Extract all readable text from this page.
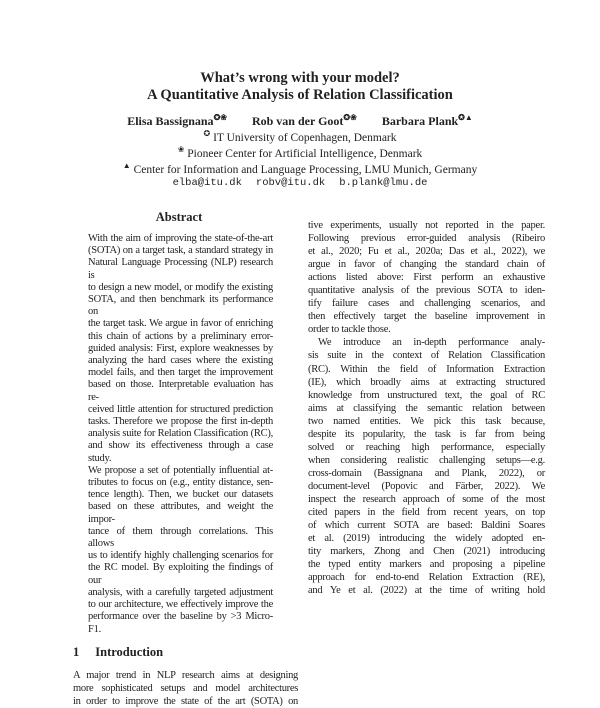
What’s wrong with your model?
A Quantitative Analysis of Relation Classification
Elisa Bassignana✪❀ Rob van der Goot✪❀ Barbara Plank✪▲
✪ IT University of Copenhagen, Denmark
❀ Pioneer Center for Artificial Intelligence, Denmark
▲ Center for Information and Language Processing, LMU Munich, Germany
elba@itu.dk robv@itu.dk b.plank@lmu.de
Abstract
With the aim of improving the state-of-the-art
(SOTA) on a target task, a standard strategy in
Natural Language Processing (NLP) research is
to design a new model, or modify the existing
SOTA, and then benchmark its performance on
the target task. We argue in favor of enriching
this chain of actions by a preliminary error-
guided analysis: First, explore weaknesses by
analyzing the hard cases where the existing
model fails, and then target the improvement
based on those. Interpretable evaluation has re-
ceived little attention for structured prediction
tasks. Therefore we propose the first in-depth
analysis suite for Relation Classification (RC),
and show its effectiveness through a case study.
We propose a set of potentially influential at-
tributes to focus on (e.g., entity distance, sen-
tence length). Then, we bucket our datasets
based on these attributes, and weight the impor-
tance of them through correlations. This allows
us to identify highly challenging scenarios for
the RC model. By exploiting the findings of our
analysis, with a carefully targeted adjustment
to our architecture, we effectively improve the
performance over the baseline by >3 Micro-F1.
1 Introduction
A major trend in NLP research aims at designing
more sophisticated setups and model architectures
in order to improve the state of the art (SOTA) on
tive experiments, usually not reported in the paper.
Following previous error-guided analysis (Ribeiro
et al., 2020; Fu et al., 2020a; Das et al., 2022), we
argue in favor of changing the standard chain of
actions listed above: First perform an exhaustive
quantitative analysis of the previous SOTA to iden-
tify failure cases and challenging scenarios, and
then effectively target the baseline improvement in
order to tackle those.
We introduce an in-depth performance analy-
sis suite in the context of Relation Classification
(RC). Within the field of Information Extraction
(IE), which broadly aims at extracting structured
knowledge from unstructured text, the goal of RC
aims at classifying the semantic relation between
two named entities. We pick this task because,
despite its popularity, the task is far from being
solved or reaching high performance, especially
when considering realistic challenging setups—e.g.
cross-domain (Bassignana and Plank, 2022), or
document-level (Popovic and Färber, 2022). We
inspect the research approach of some of the most
cited papers in the field from recent years, on top
of which current SOTA are based: Baldini Soares
et al. (2019) introducing the widely adopted en-
tity markers, Zhong and Chen (2021) introducing
the typed entity markers and proposing a pipeline
approach for end-to-end Relation Extraction (RE),
and Ye et al. (2022) at the time of writing hold
